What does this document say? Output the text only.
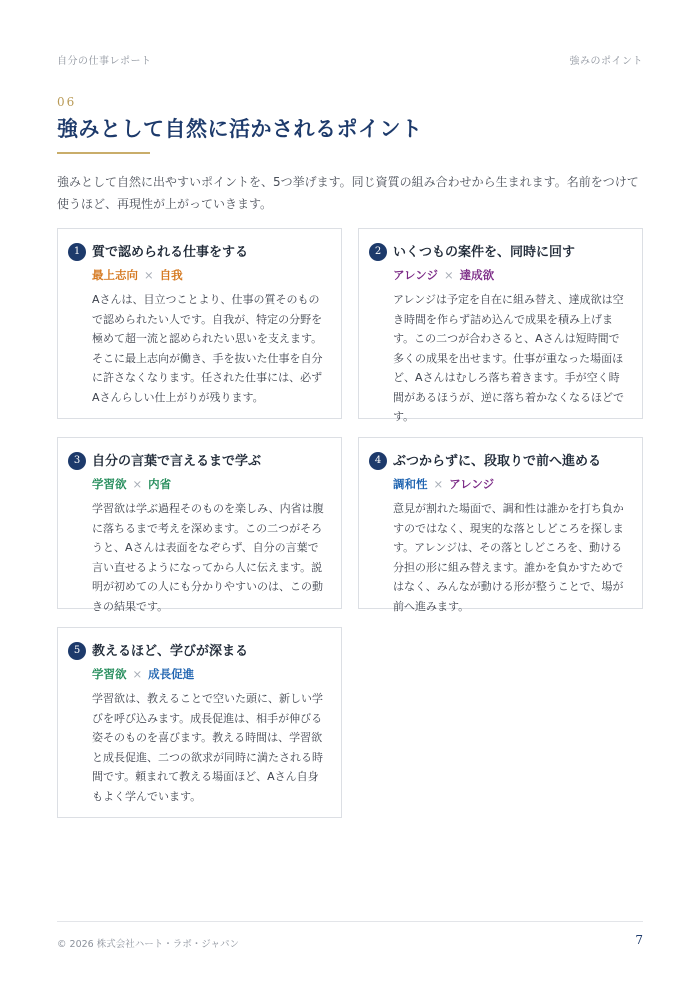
自分の仕事レポート	強みのポイント
06
強みとして自然に活かされるポイント
強みとして自然に出やすいポイントを、5つ挙げます。同じ資質の組み合わせから生まれます。名前をつけて使うほど、再現性が上がっていきます。
1 質で認められる仕事をする
最上志向 × 自我
Aさんは、目立つことより、仕事の質そのもので認められたい人です。自我が、特定の分野を極めて超一流と認められたい思いを支えます。そこに最上志向が働き、手を抜いた仕事を自分に許さなくなります。任された仕事には、必ずAさんらしい仕上がりが残ります。
2 いくつもの案件を、同時に回す
アレンジ × 達成欲
アレンジは予定を自在に組み替え、達成欲は空き時間を作らず詰め込んで成果を積み上げます。この二つが合わさると、Aさんは短時間で多くの成果を出せます。仕事が重なった場面ほど、Aさんはむしろ落ち着きます。手が空く時間があるほうが、逆に落ち着かなくなるほどです。
3 自分の言葉で言えるまで学ぶ
学習欲 × 内省
学習欲は学ぶ過程そのものを楽しみ、内省は腹に落ちるまで考えを深めます。この二つがそろうと、Aさんは表面をなぞらず、自分の言葉で言い直せるようになってから人に伝えます。説明が初めての人にも分かりやすいのは、この動きの結果です。
4 ぶつからずに、段取りで前へ進める
調和性 × アレンジ
意見が割れた場面で、調和性は誰かを打ち負かすのではなく、現実的な落としどころを探します。アレンジは、その落としどころを、動ける分担の形に組み替えます。誰かを負かすためではなく、みんなが動ける形が整うことで、場が前へ進みます。
5 教えるほど、学びが深まる
学習欲 × 成長促進
学習欲は、教えることで空いた頭に、新しい学びを呼び込みます。成長促進は、相手が伸びる姿そのものを喜びます。教える時間は、学習欲と成長促進、二つの欲求が同時に満たされる時間です。頼まれて教える場面ほど、Aさん自身もよく学んでいます。
© 2026 株式会社ハート・ラボ・ジャパン	7
